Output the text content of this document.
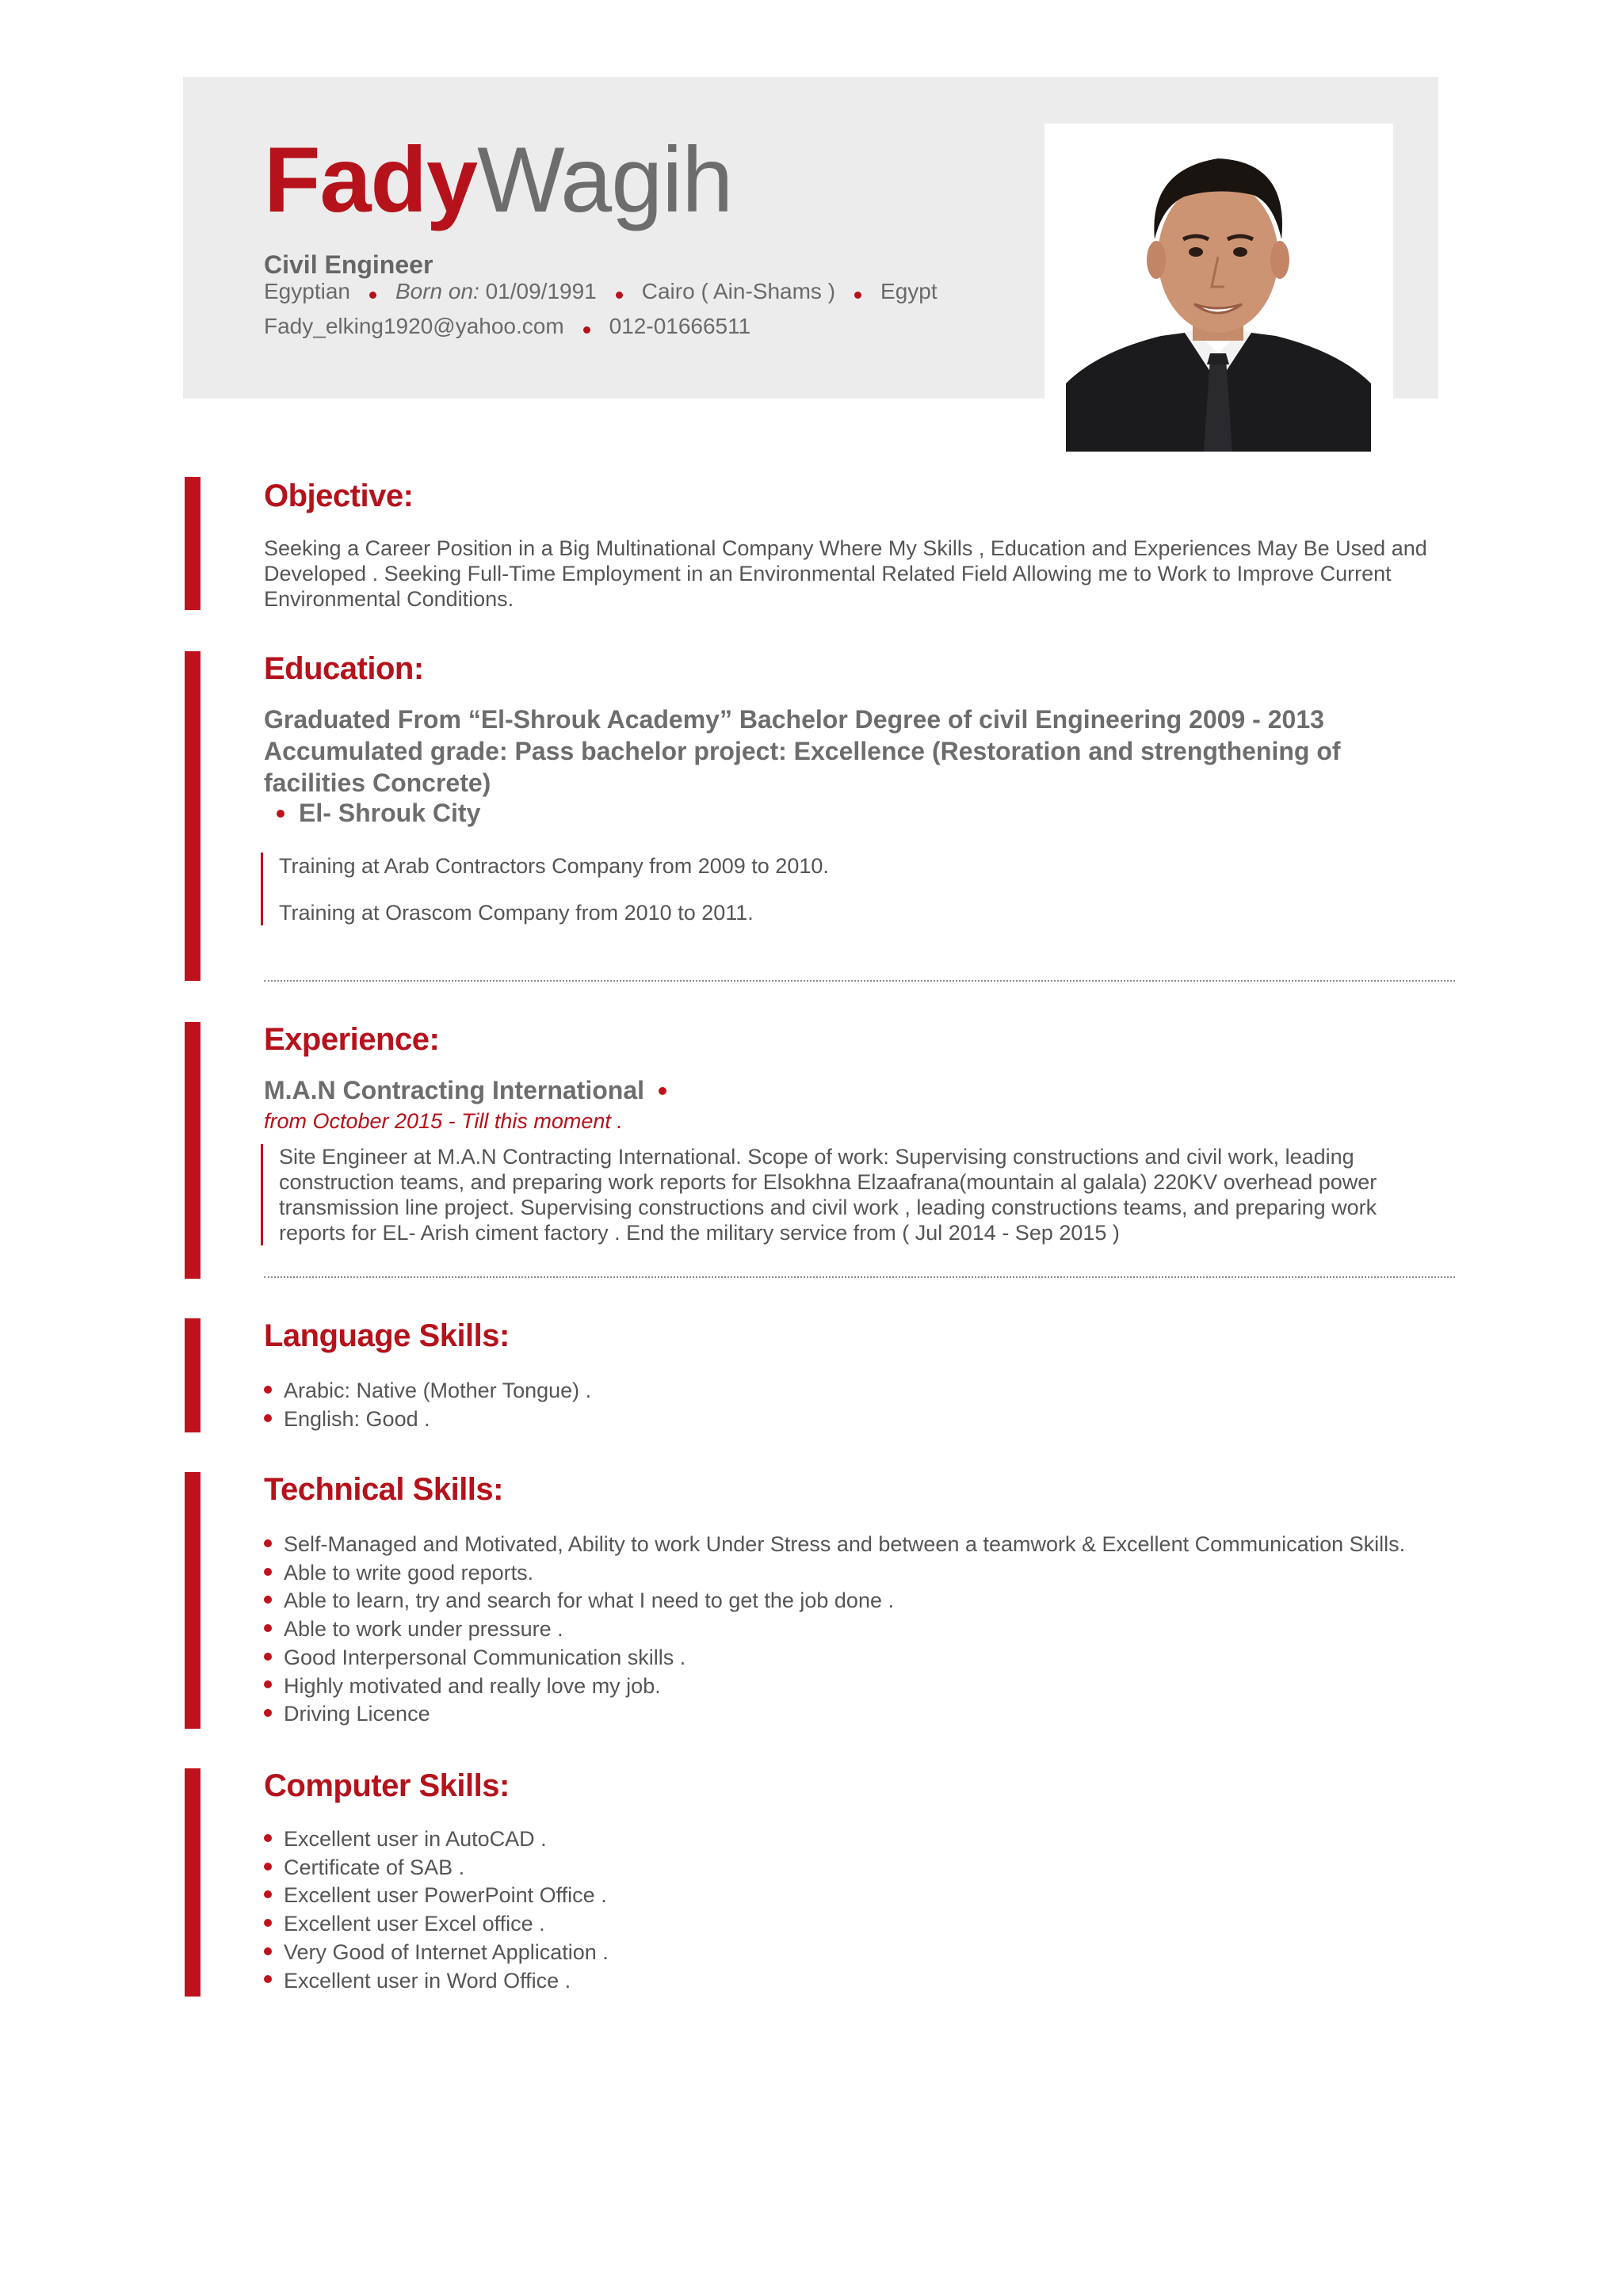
FadyWagih
Civil Engineer
Egyptian Born on: 01/09/1991 Cairo ( Ain-Shams ) Egypt
Fady_elking1920@yahoo.com 012-01666511
Objective:
Seeking a Career Position in a Big Multinational Company Where My Skills , Education and Experiences May Be Used and Developed . Seeking Full-Time Employment in an Environmental Related Field Allowing me to Work to Improve Current Environmental Conditions.
Education:
Graduated From “El-Shrouk Academy” Bachelor Degree of civil Engineering 2009 - 2013 Accumulated grade: Pass bachelor project: Excellence (Restoration and strengthening of facilities Concrete)
El- Shrouk City
Training at Arab Contractors Company from 2009 to 2010.
Training at Orascom Company from 2010 to 2011.
Experience:
M.A.N Contracting International
from October 2015 - Till this moment .
Site Engineer at M.A.N Contracting International. Scope of work: Supervising constructions and civil work, leading construction teams, and preparing work reports for Elsokhna Elzaafrana(mountain al galala) 220KV overhead power transmission line project. Supervising constructions and civil work , leading constructions teams, and preparing work reports for EL- Arish ciment factory . End the military service from ( Jul 2014 - Sep 2015 )
Language Skills:
Arabic: Native (Mother Tongue) .
English: Good .
Technical Skills:
Self-Managed and Motivated, Ability to work Under Stress and between a teamwork & Excellent Communication Skills.
Able to write good reports.
Able to learn, try and search for what I need to get the job done .
Able to work under pressure .
Good Interpersonal Communication skills .
Highly motivated and really love my job.
Driving Licence
Computer Skills:
Excellent user in AutoCAD .
Certificate of SAB .
Excellent user PowerPoint Office .
Excellent user Excel office .
Very Good of Internet Application .
Excellent user in Word Office .
